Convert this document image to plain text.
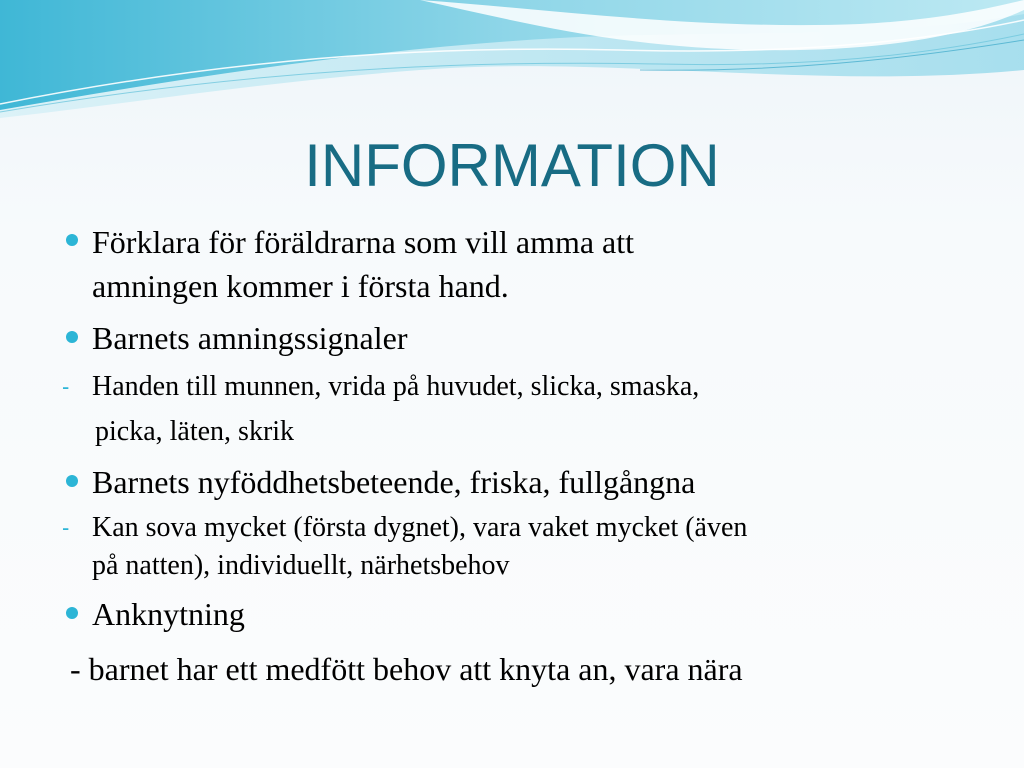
INFORMATION
Förklara för föräldrarna som vill amma att
amningen kommer i första hand.
Barnets amningssignaler
- Handen till munnen, vrida på huvudet, slicka, smaska,
picka, läten, skrik
Barnets nyföddhetsbeteende, friska, fullgångna
- Kan sova mycket (första dygnet), vara vaket mycket (även
på natten), individuellt, närhetsbehov
Anknytning
- barnet har ett medfött behov att knyta an, vara nära
